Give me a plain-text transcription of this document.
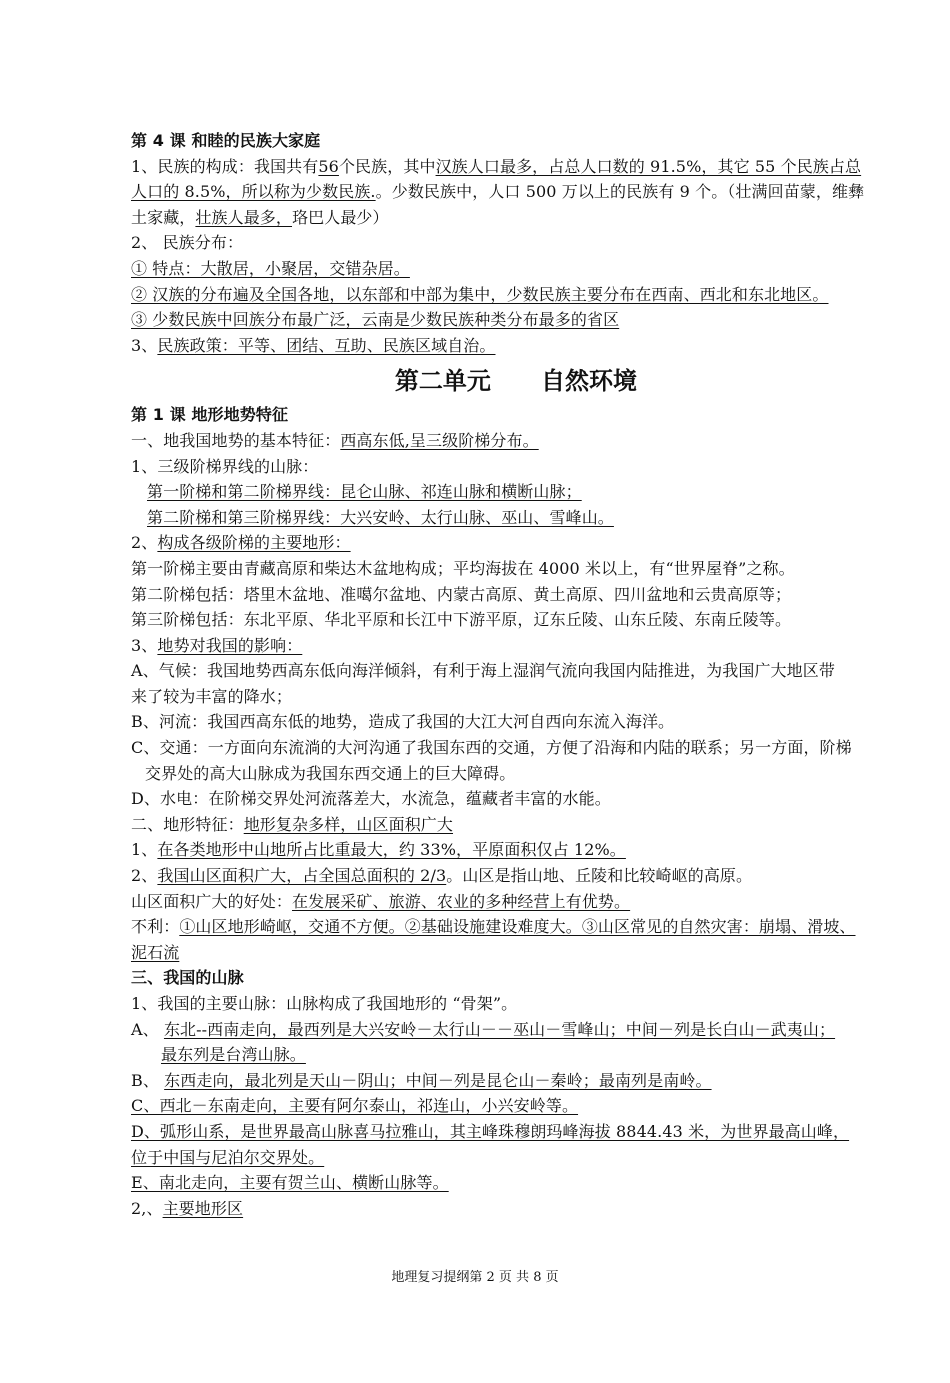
第 4 课 和睦的民族大家庭
1、民族的构成：我国共有56个民族，其中汉族人口最多，占总人口数的 91.5%，其它 55 个民族占总
人口的 8.5%，所以称为少数民族.。少数民族中，人口 500 万以上的民族有 9 个。（壮满回苗蒙，维彝
土家藏，壮族人最多，珞巴人最少）
2、 民族分布：
① 特点：大散居，小聚居，交错杂居。
② 汉族的分布遍及全国各地，以东部和中部为集中，少数民族主要分布在西南、西北和东北地区。
③ 少数民族中回族分布最广泛，云南是少数民族种类分布最多的省区
3、民族政策：平等、团结、互助、民族区域自治。
第二单元      自然环境
第 1 课 地形地势特征
一、地我国地势的基本特征：西高东低,呈三级阶梯分布。
1、三级阶梯界线的山脉：
第一阶梯和第二阶梯界线：昆仑山脉、祁连山脉和横断山脉；
第二阶梯和第三阶梯界线：大兴安岭、太行山脉、巫山、雪峰山。
2、构成各级阶梯的主要地形：
第一阶梯主要由青藏高原和柴达木盆地构成；平均海拔在 4000 米以上，有“世界屋脊”之称。
第二阶梯包括：塔里木盆地、准噶尔盆地、内蒙古高原、黄土高原、四川盆地和云贵高原等；
第三阶梯包括：东北平原、华北平原和长江中下游平原，辽东丘陵、山东丘陵、东南丘陵等。
3、地势对我国的影响：
A、气候：我国地势西高东低向海洋倾斜，有利于海上湿润气流向我国内陆推进，为我国广大地区带
来了较为丰富的降水；
B、河流：我国西高东低的地势，造成了我国的大江大河自西向东流入海洋。
C、交通：一方面向东流淌的大河沟通了我国东西的交通，方便了沿海和内陆的联系；另一方面，阶梯
交界处的高大山脉成为我国东西交通上的巨大障碍。
D、水电：在阶梯交界处河流落差大，水流急，蕴藏者丰富的水能。
二、地形特征：地形复杂多样，山区面积广大
1、在各类地形中山地所占比重最大，约 33%，平原面积仅占 12%。
2、我国山区面积广大，占全国总面积的 2/3。山区是指山地、丘陵和比较崎岖的高原。
山区面积广大的好处：在发展采矿、旅游、农业的多种经营上有优势。
不利：①山区地形崎岖，交通不方便。②基础设施建设难度大。③山区常见的自然灾害：崩塌、滑坡、
泥石流
三、我国的山脉
1、我国的主要山脉：山脉构成了我国地形的 “骨架”。
A、 东北--西南走向，最西列是大兴安岭－太行山－－巫山－雪峰山；中间－列是长白山－武夷山；
最东列是台湾山脉。
B、 东西走向，最北列是天山－阴山；中间－列是昆仑山－秦岭；最南列是南岭。
C、西北－东南走向，主要有阿尔泰山，祁连山，小兴安岭等。
D、弧形山系，是世界最高山脉喜马拉雅山，其主峰珠穆朗玛峰海拔 8844.43 米，为世界最高山峰，
位于中国与尼泊尔交界处。
E、南北走向，主要有贺兰山、横断山脉等。
2,、主要地形区
地理复习提纲第 2 页 共 8 页
